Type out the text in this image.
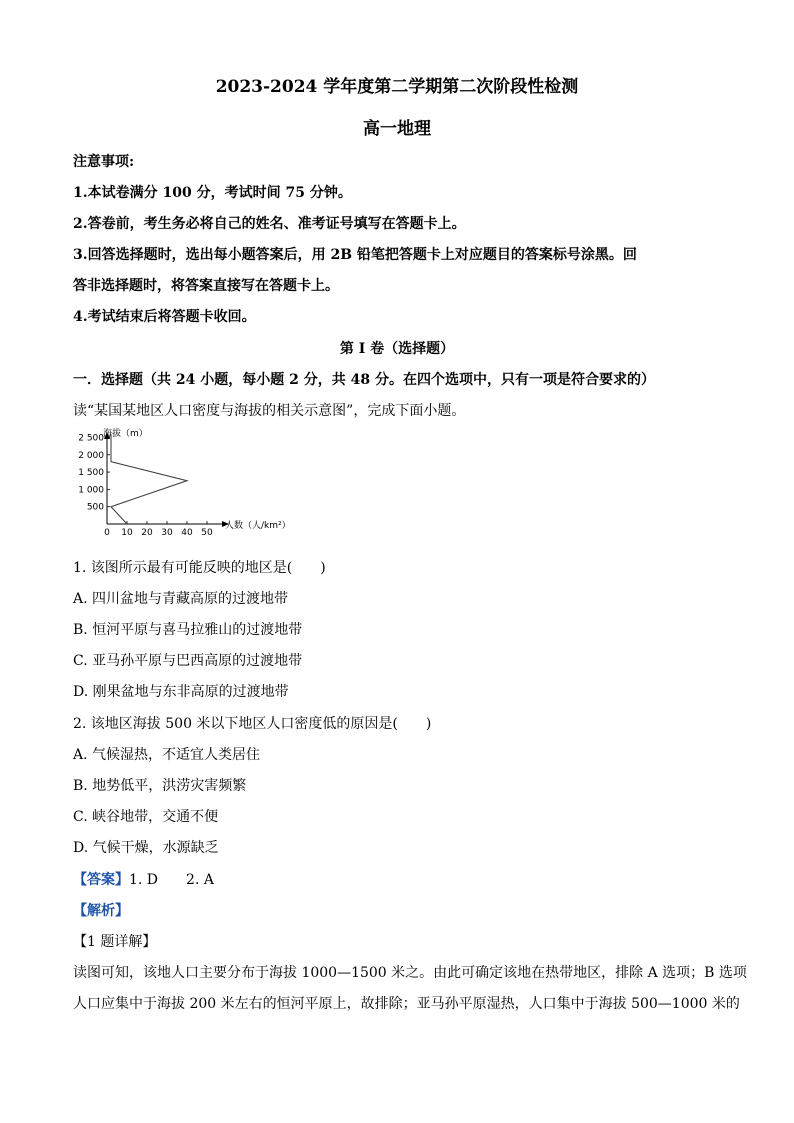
2023-2024 学年度第二学期第二次阶段性检测
高一地理
注意事项:
1.本试卷满分 100 分，考试时间 75 分钟。
2.答卷前，考生务必将自己的姓名、准考证号填写在答题卡上。
3.回答选择题时，选出每小题答案后，用 2B 铅笔把答题卡上对应题目的答案标号涂黑。回
答非选择题时，将答案直接写在答题卡上。
4.考试结束后将答题卡收回。
第 I 卷（选择题）
一．选择题（共 24 小题，每小题 2 分，共 48 分。在四个选项中，只有一项是符合要求的）
读“某国某地区人口密度与海拔的相关示意图”，完成下面小题。
海拔（m）
人数（人/km²）
2 500
2 000
1 500
1 000
500
0 10 20 30 40 50
1. 该图所示最有可能反映的地区是(　　)
A. 四川盆地与青藏高原的过渡地带
B. 恒河平原与喜马拉雅山的过渡地带
C. 亚马孙平原与巴西高原的过渡地带
D. 刚果盆地与东非高原的过渡地带
2. 该地区海拔 500 米以下地区人口密度低的原因是(　　)
A. 气候湿热，不适宜人类居住
B. 地势低平，洪涝灾害频繁
C. 峡谷地带，交通不便
D. 气候干燥，水源缺乏
【答案】1. D　　2. A
【解析】
【1 题详解】
读图可知，该地人口主要分布于海拔 1000—1500 米之。由此可确定该地在热带地区，排除 A 选项；B 选项
人口应集中于海拔 200 米左右的恒河平原上，故排除；亚马孙平原湿热，人口集中于海拔 500—1000 米的
